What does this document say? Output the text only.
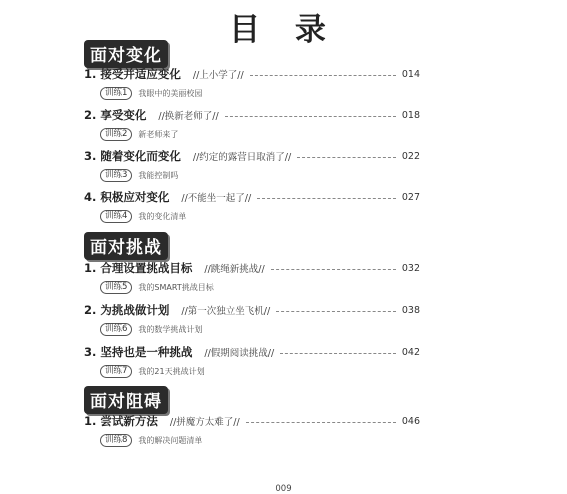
目 录
面对变化
1. 接受并适应变化 //上小学了//	014
训练1	我眼中的美丽校园
2. 享受变化 //换新老师了//	018
训练2	新老师来了
3. 随着变化而变化 //约定的露营日取消了//	022
训练3	我能控制吗
4. 积极应对变化 //不能坐一起了//	027
训练4	我的变化清单
面对挑战
1. 合理设置挑战目标 //跳绳新挑战//	032
训练5	我的SMART挑战目标
2. 为挑战做计划 //第一次独立坐飞机//	038
训练6	我的数学挑战计划
3. 坚持也是一种挑战 //假期阅读挑战//	042
训练7	我的21天挑战计划
面对阻碍
1. 尝试新方法 //拼魔方太难了//	046
训练8	我的解决问题清单
009
